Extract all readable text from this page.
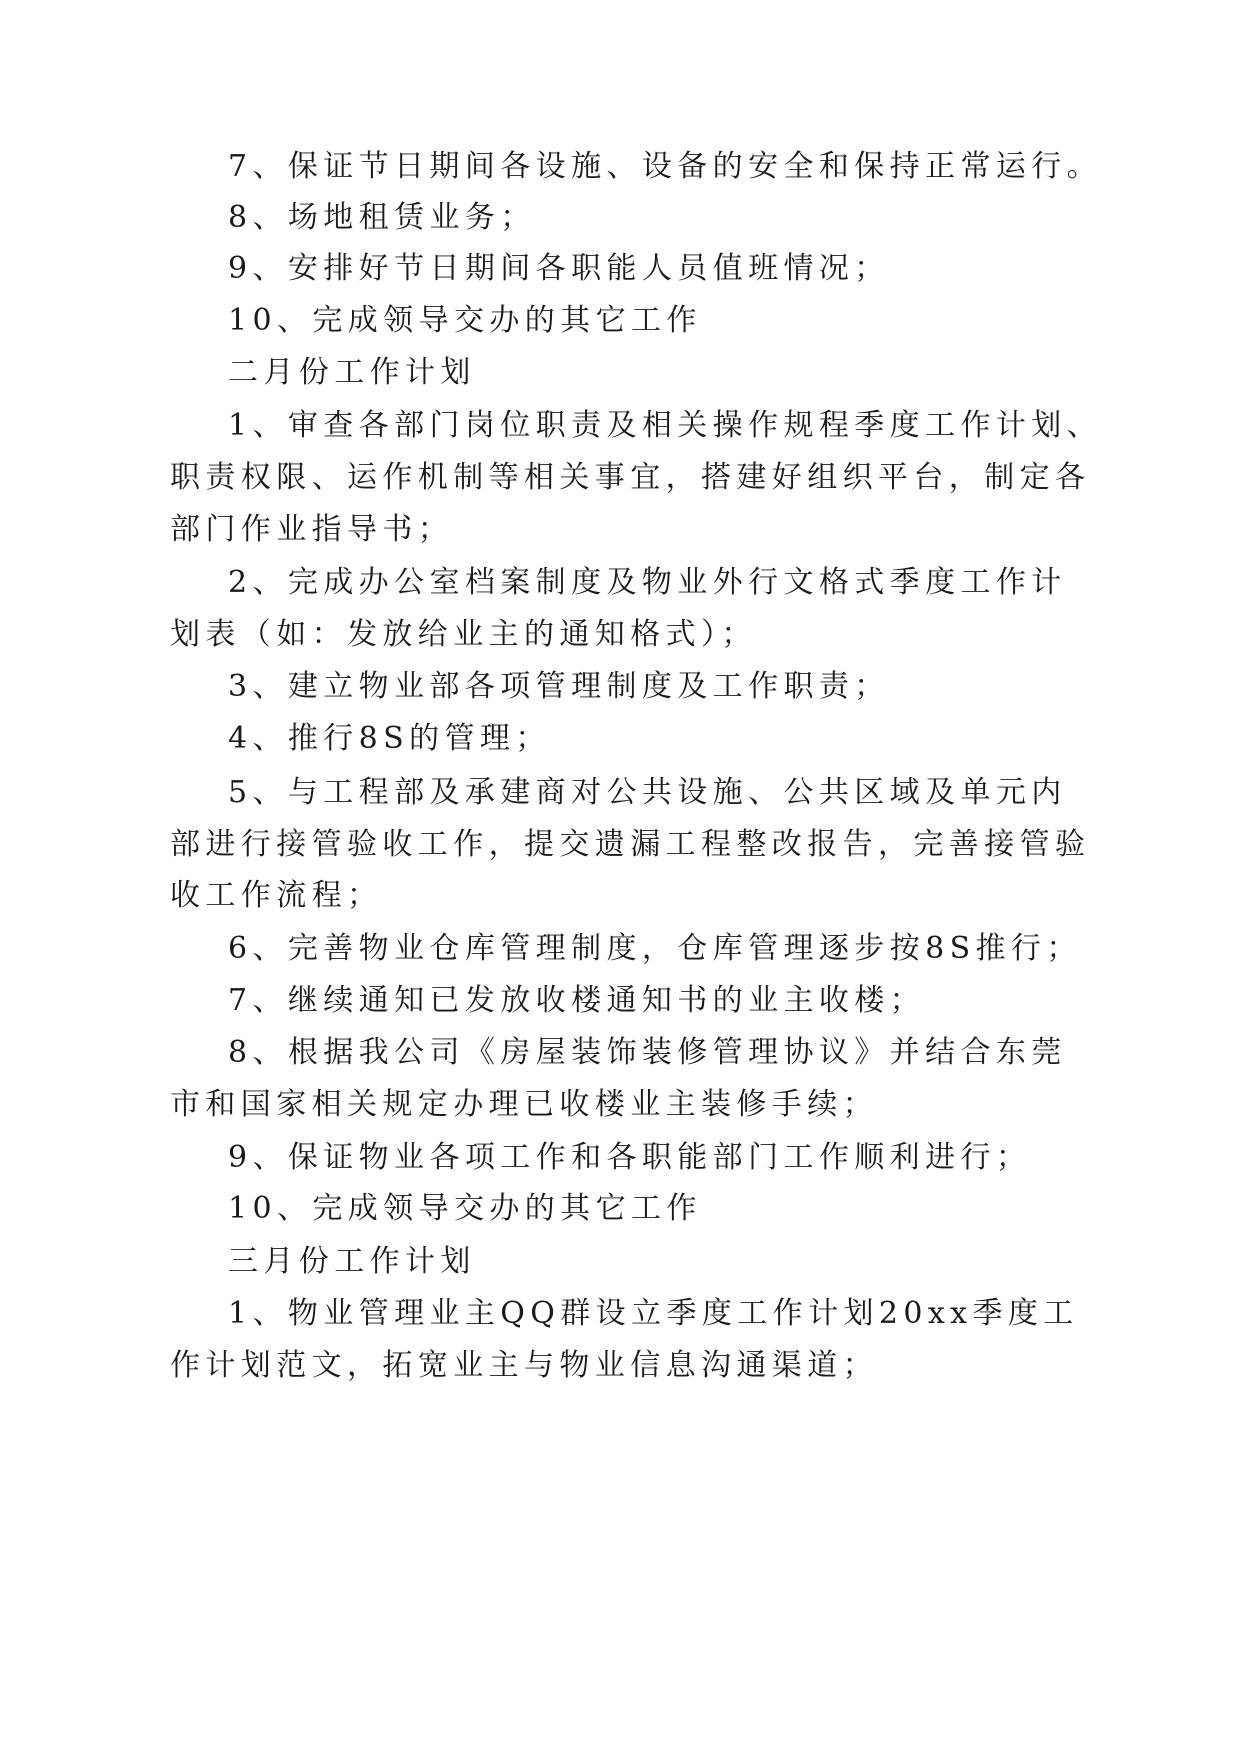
7、保证节日期间各设施、设备的安全和保持正常运行。
8、场地租赁业务；
9、安排好节日期间各职能人员值班情况；
10、完成领导交办的其它工作
二月份工作计划
1、审查各部门岗位职责及相关操作规程季度工作计划、
职责权限、运作机制等相关事宜，搭建好组织平台，制定各
部门作业指导书；
2、完成办公室档案制度及物业外行文格式季度工作计
划表（如：发放给业主的通知格式）；
3、建立物业部各项管理制度及工作职责；
4、推行8S的管理；
5、与工程部及承建商对公共设施、公共区域及单元内
部进行接管验收工作，提交遗漏工程整改报告，完善接管验
收工作流程；
6、完善物业仓库管理制度，仓库管理逐步按8S推行；
7、继续通知已发放收楼通知书的业主收楼；
8、根据我公司《房屋装饰装修管理协议》并结合东莞
市和国家相关规定办理已收楼业主装修手续；
9、保证物业各项工作和各职能部门工作顺利进行；
10、完成领导交办的其它工作
三月份工作计划
1、物业管理业主QQ群设立季度工作计划20xx季度工
作计划范文，拓宽业主与物业信息沟通渠道；
